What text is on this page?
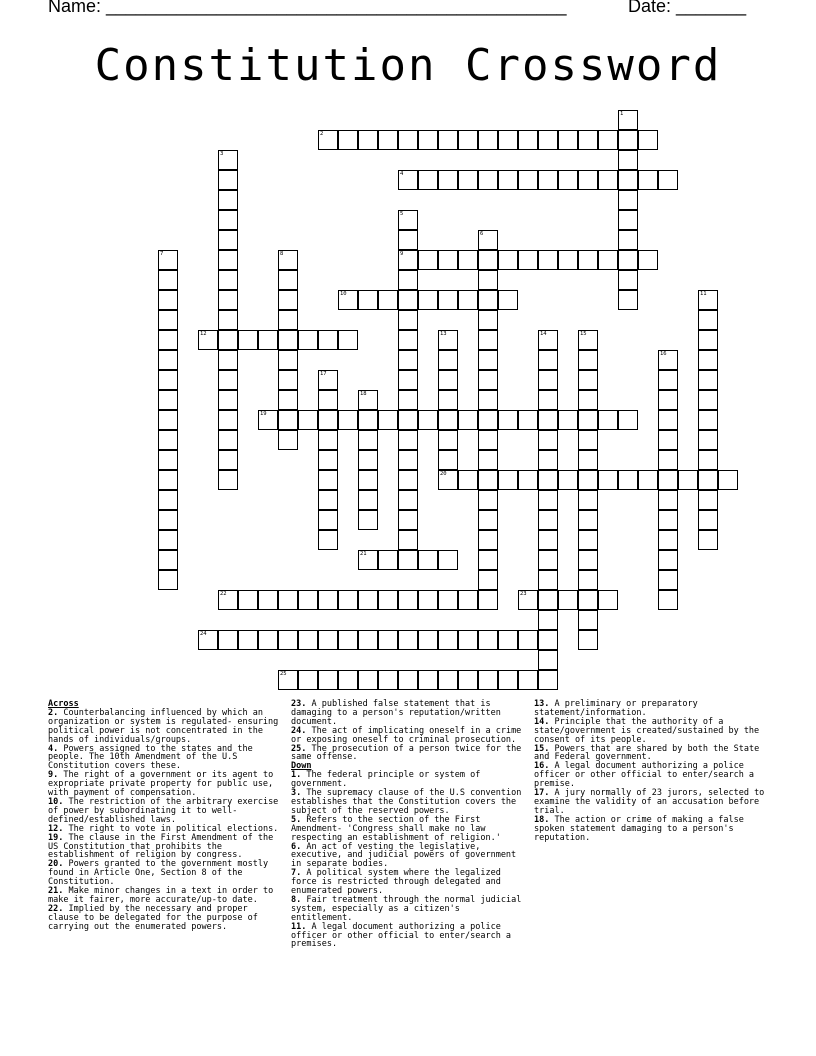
Name: ______________________________________________	Date: _______
Constitution Crossword
1
2
3
4
5
9
6
7	8
10	11
12	13
20
14	15
16
17
18
19
21
22	23
24
25
Across
2. Counterbalancing influenced by which an organization or system is regulated- ensuring political power is not concentrated in the hands of individuals/groups.
4. Powers assigned to the states and the people. The 10th Amendment of the U.S Constitution covers these.
9. The right of a government or its agent to expropriate private property for public use, with payment of compensation.
10. The restriction of the arbitrary exercise of power by subordinating it to well-defined/established laws.
12. The right to vote in political elections.
19. The clause in the First Amendment of the US Constitution that prohibits the establishment of religion by congress.
20. Powers granted to the government mostly found in Article One, Section 8 of the Constitution.
21. Make minor changes in a text in order to make it fairer, more accurate/up-to date.
22. Implied by the necessary and proper clause to be delegated for the purpose of carrying out the enumerated powers.
23. A published false statement that is damaging to a person's reputation/written document.
24. The act of implicating oneself in a crime or exposing oneself to criminal prosecution.
25. The prosecution of a person twice for the same offense.
Down
1. The federal principle or system of government.
3. The supremacy clause of the U.S convention establishes that the Constitution covers the subject of the reserved powers.
5. Refers to the section of the First Amendment- 'Congress shall make no law respecting an establishment of religion.'
6. An act of vesting the legislative, executive, and judicial powers of government in separate bodies.
7. A political system where the legalized force is restricted through delegated and enumerated powers.
8. Fair treatment through the normal judicial system, especially as a citizen's entitlement.
11. A legal document authorizing a police officer or other official to enter/search a premises.
13. A preliminary or preparatory statement/information.
14. Principle that the authority of a state/government is created/sustained by the consent of its people.
15. Powers that are shared by both the State and Federal government.
16. A legal document authorizing a police officer or other official to enter/search a premise.
17. A jury normally of 23 jurors, selected to examine the validity of an accusation before trial.
18. The action or crime of making a false spoken statement damaging to a person's reputation.
